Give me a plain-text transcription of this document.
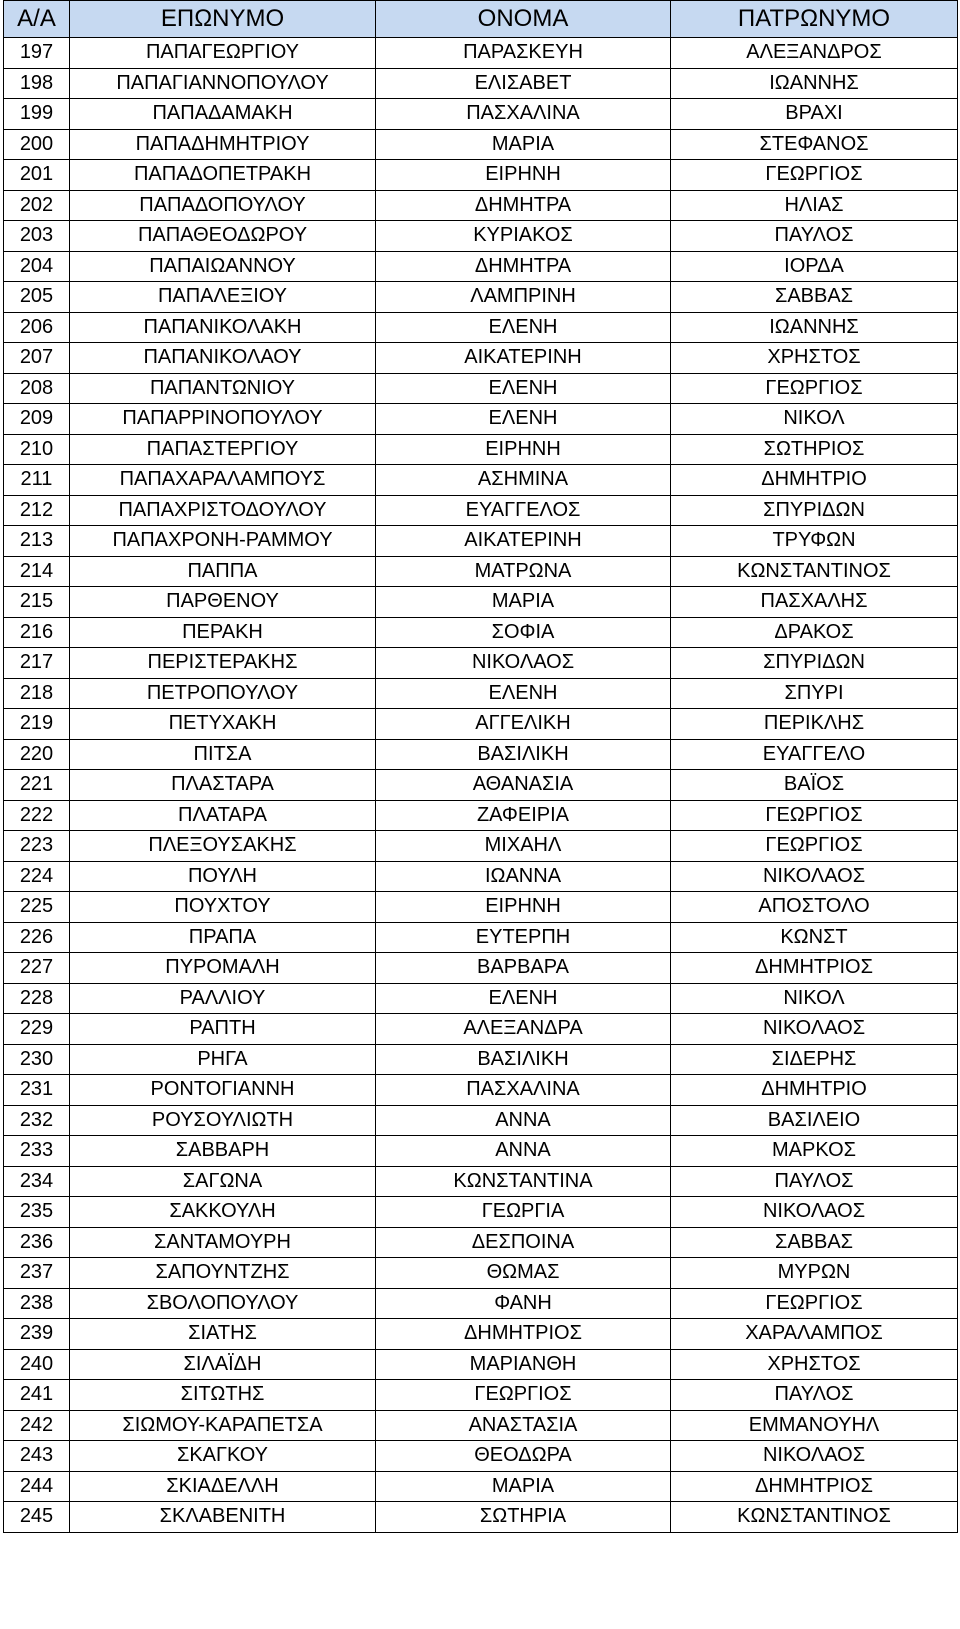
Α/Α	ΕΠΩΝΥΜΟ	ΟΝΟΜΑ	ΠΑΤΡΩΝΥΜΟ
197	ΠΑΠΑΓΕΩΡΓΙΟΥ	ΠΑΡΑΣΚΕΥΗ	ΑΛΕΞΑΝΔΡΟΣ
198	ΠΑΠΑΓΙΑΝΝΟΠΟΥΛΟΥ	ΕΛΙΣΑΒΕΤ	ΙΩΑΝΝΗΣ
199	ΠΑΠΑΔΑΜΑΚΗ	ΠΑΣΧΑΛΙΝΑ	ΒΡΑΧΙ
200	ΠΑΠΑΔΗΜΗΤΡΙΟΥ	ΜΑΡΙΑ	ΣΤΕΦΑΝΟΣ
201	ΠΑΠΑΔΟΠΕΤΡΑΚΗ	ΕΙΡΗΝΗ	ΓΕΩΡΓΙΟΣ
202	ΠΑΠΑΔΟΠΟΥΛΟΥ	ΔΗΜΗΤΡΑ	ΗΛΙΑΣ
203	ΠΑΠΑΘΕΟΔΩΡΟΥ	ΚΥΡΙΑΚΟΣ	ΠΑΥΛΟΣ
204	ΠΑΠΑΙΩΑΝΝΟΥ	ΔΗΜΗΤΡΑ	ΙΟΡΔΑ
205	ΠΑΠΑΛΕΞΙΟΥ	ΛΑΜΠΡΙΝΗ	ΣΑΒΒΑΣ
206	ΠΑΠΑΝΙΚΟΛΑΚΗ	ΕΛΕΝΗ	ΙΩΑΝΝΗΣ
207	ΠΑΠΑΝΙΚΟΛΑΟΥ	ΑΙΚΑΤΕΡΙΝΗ	ΧΡΗΣΤΟΣ
208	ΠΑΠΑΝΤΩΝΙΟΥ	ΕΛΕΝΗ	ΓΕΩΡΓΙΟΣ
209	ΠΑΠΑΡΡΙΝΟΠΟΥΛΟΥ	ΕΛΕΝΗ	ΝΙΚΟΛ
210	ΠΑΠΑΣΤΕΡΓΙΟΥ	ΕΙΡΗΝΗ	ΣΩΤΗΡΙΟΣ
211	ΠΑΠΑΧΑΡΑΛΑΜΠΟΥΣ	ΑΣΗΜΙΝΑ	ΔΗΜΗΤΡΙΟ
212	ΠΑΠΑΧΡΙΣΤΟΔΟΥΛΟΥ	ΕΥΑΓΓΕΛΟΣ	ΣΠΥΡΙΔΩΝ
213	ΠΑΠΑΧΡΟΝΗ-ΡΑΜΜΟΥ	ΑΙΚΑΤΕΡΙΝΗ	ΤΡΥΦΩΝ
214	ΠΑΠΠΑ	ΜΑΤΡΩΝΑ	ΚΩΝΣΤΑΝΤΙΝΟΣ
215	ΠΑΡΘΕΝΟΥ	ΜΑΡΙΑ	ΠΑΣΧΑΛΗΣ
216	ΠΕΡΑΚΗ	ΣΟΦΙΑ	ΔΡΑΚΟΣ
217	ΠΕΡΙΣΤΕΡΑΚΗΣ	ΝΙΚΟΛΑΟΣ	ΣΠΥΡΙΔΩΝ
218	ΠΕΤΡΟΠΟΥΛΟΥ	ΕΛΕΝΗ	ΣΠΥΡΙ
219	ΠΕΤΥΧΑΚΗ	ΑΓΓΕΛΙΚΗ	ΠΕΡΙΚΛΗΣ
220	ΠΙΤΣΑ	ΒΑΣΙΛΙΚΗ	ΕΥΑΓΓΕΛΟ
221	ΠΛΑΣΤΑΡΑ	ΑΘΑΝΑΣΙΑ	ΒΑΪΟΣ
222	ΠΛΑΤΑΡΑ	ΖΑΦΕΙΡΙΑ	ΓΕΩΡΓΙΟΣ
223	ΠΛΕΞΟΥΣΑΚΗΣ	ΜΙΧΑΗΛ	ΓΕΩΡΓΙΟΣ
224	ΠΟΥΛΗ	ΙΩΑΝΝΑ	ΝΙΚΟΛΑΟΣ
225	ΠΟΥΧΤΟΥ	ΕΙΡΗΝΗ	ΑΠΟΣΤΟΛΟ
226	ΠΡΑΠΑ	ΕΥΤΕΡΠΗ	ΚΩΝΣΤ
227	ΠΥΡΟΜΑΛΗ	ΒΑΡΒΑΡΑ	ΔΗΜΗΤΡΙΟΣ
228	ΡΑΛΛΙΟΥ	ΕΛΕΝΗ	ΝΙΚΟΛ
229	ΡΑΠΤΗ	ΑΛΕΞΑΝΔΡΑ	ΝΙΚΟΛΑΟΣ
230	ΡΗΓΑ	ΒΑΣΙΛΙΚΗ	ΣΙΔΕΡΗΣ
231	ΡΟΝΤΟΓΙΑΝΝΗ	ΠΑΣΧΑΛΙΝΑ	ΔΗΜΗΤΡΙΟ
232	ΡΟΥΣΟΥΛΙΩΤΗ	ΑΝΝΑ	ΒΑΣΙΛΕΙΟ
233	ΣΑΒΒΑΡΗ	ΑΝΝΑ	ΜΑΡΚΟΣ
234	ΣΑΓΩΝΑ	ΚΩΝΣΤΑΝΤΙΝΑ	ΠΑΥΛΟΣ
235	ΣΑΚΚΟΥΛΗ	ΓΕΩΡΓΙΑ	ΝΙΚΟΛΑΟΣ
236	ΣΑΝΤΑΜΟΥΡΗ	ΔΕΣΠΟΙΝΑ	ΣΑΒΒΑΣ
237	ΣΑΠΟΥΝΤΖΗΣ	ΘΩΜΑΣ	ΜΥΡΩΝ
238	ΣΒΟΛΟΠΟΥΛΟΥ	ΦΑΝΗ	ΓΕΩΡΓΙΟΣ
239	ΣΙΑΤΗΣ	ΔΗΜΗΤΡΙΟΣ	ΧΑΡΑΛΑΜΠΟΣ
240	ΣΙΛΑΪΔΗ	ΜΑΡΙΑΝΘΗ	ΧΡΗΣΤΟΣ
241	ΣΙΤΩΤΗΣ	ΓΕΩΡΓΙΟΣ	ΠΑΥΛΟΣ
242	ΣΙΩΜΟΥ-ΚΑΡΑΠΕΤΣΑ	ΑΝΑΣΤΑΣΙΑ	ΕΜΜΑΝΟΥΗΛ
243	ΣΚΑΓΚΟΥ	ΘΕΟΔΩΡΑ	ΝΙΚΟΛΑΟΣ
244	ΣΚΙΑΔΕΛΛΗ	ΜΑΡΙΑ	ΔΗΜΗΤΡΙΟΣ
245	ΣΚΛΑΒΕΝΙΤΗ	ΣΩΤΗΡΙΑ	ΚΩΝΣΤΑΝΤΙΝΟΣ
